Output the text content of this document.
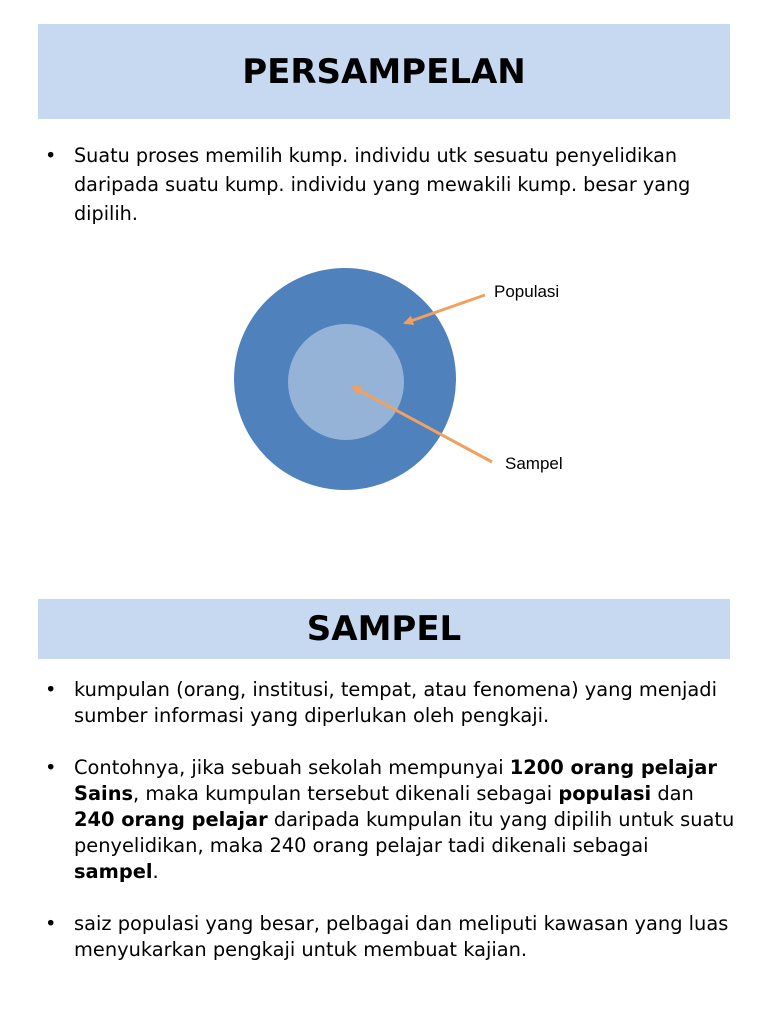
PERSAMPELAN
• Suatu proses memilih kump. individu utk sesuatu penyelidikan daripada suatu kump. individu yang mewakili kump. besar yang dipilih.
Populasi
Sampel
SAMPEL
• kumpulan (orang, institusi, tempat, atau fenomena) yang menjadi sumber informasi yang diperlukan oleh pengkaji.
• Contohnya, jika sebuah sekolah mempunyai 1200 orang pelajar Sains, maka kumpulan tersebut dikenali sebagai populasi dan 240 orang pelajar daripada kumpulan itu yang dipilih untuk suatu penyelidikan, maka 240 orang pelajar tadi dikenali sebagai sampel.
• saiz populasi yang besar, pelbagai dan meliputi kawasan yang luas menyukarkan pengkaji untuk membuat kajian.
